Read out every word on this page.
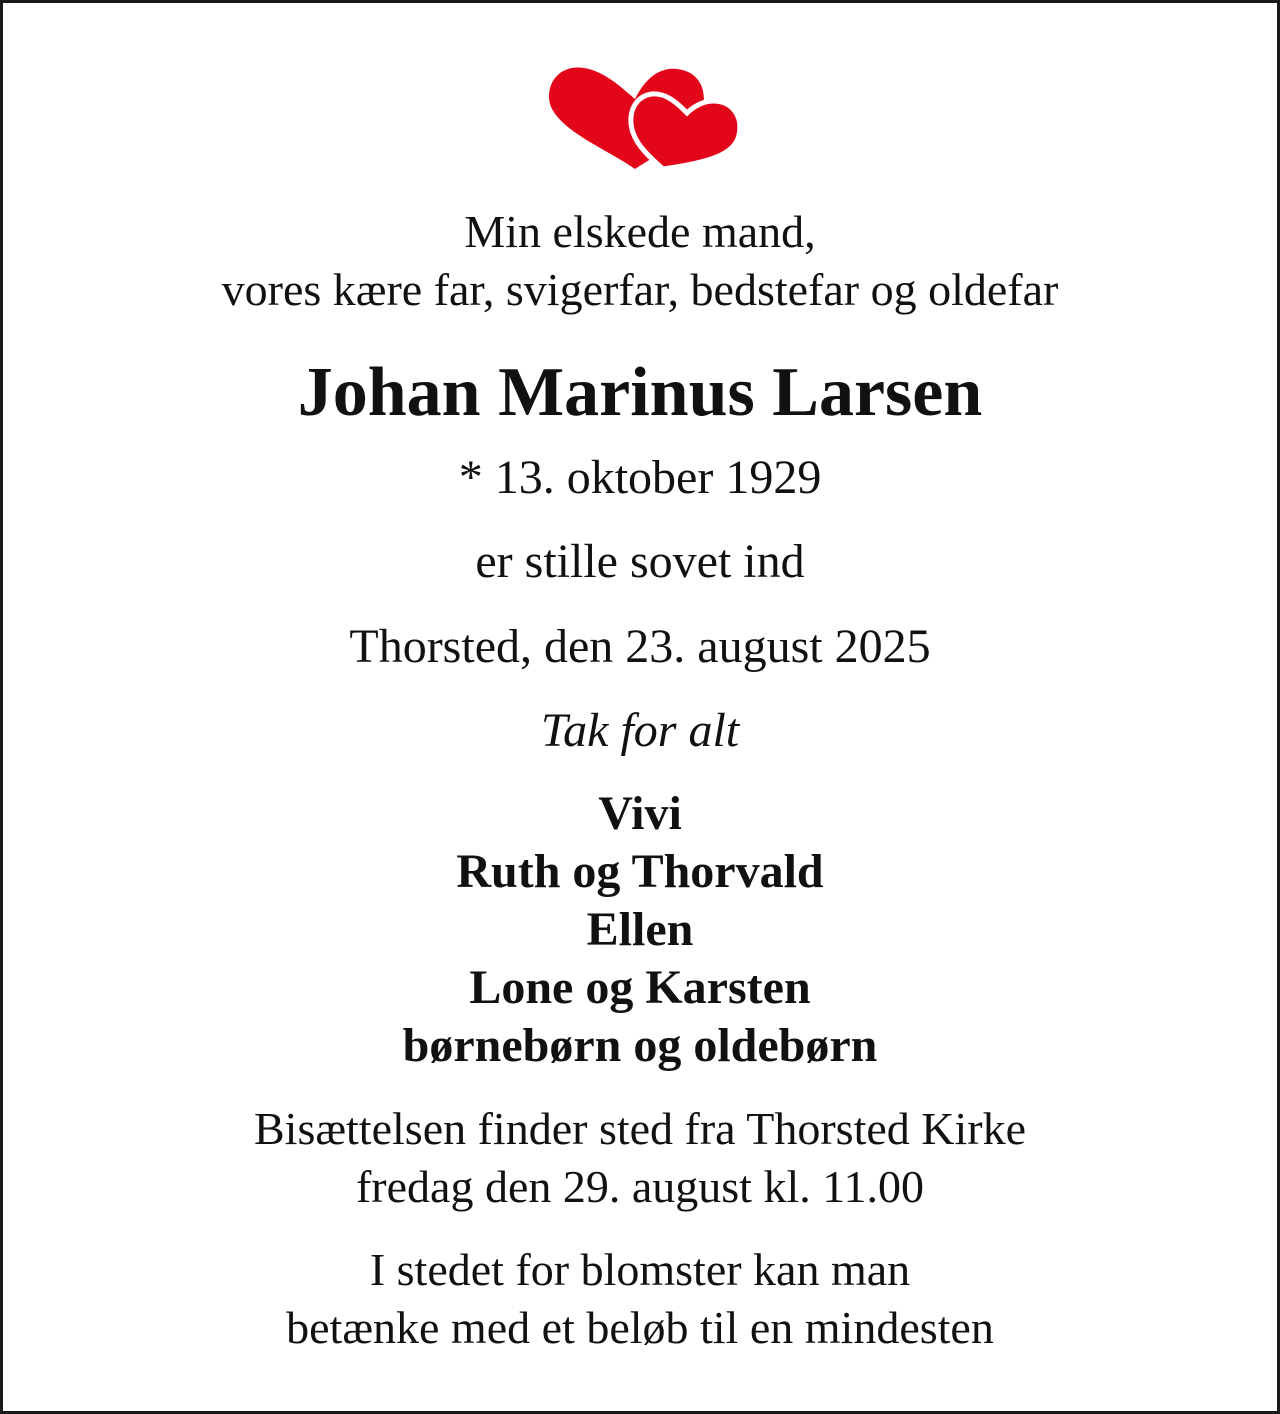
Min elskede mand,
vores kære far, svigerfar, bedstefar og oldefar
Johan Marinus Larsen
* 13. oktober 1929
er stille sovet ind
Thorsted, den 23. august 2025
Tak for alt
Vivi
Ruth og Thorvald
Ellen
Lone og Karsten
børnebørn og oldebørn
Bisættelsen finder sted fra Thorsted Kirke
fredag den 29. august kl. 11.00
I stedet for blomster kan man
betænke med et beløb til en mindesten
